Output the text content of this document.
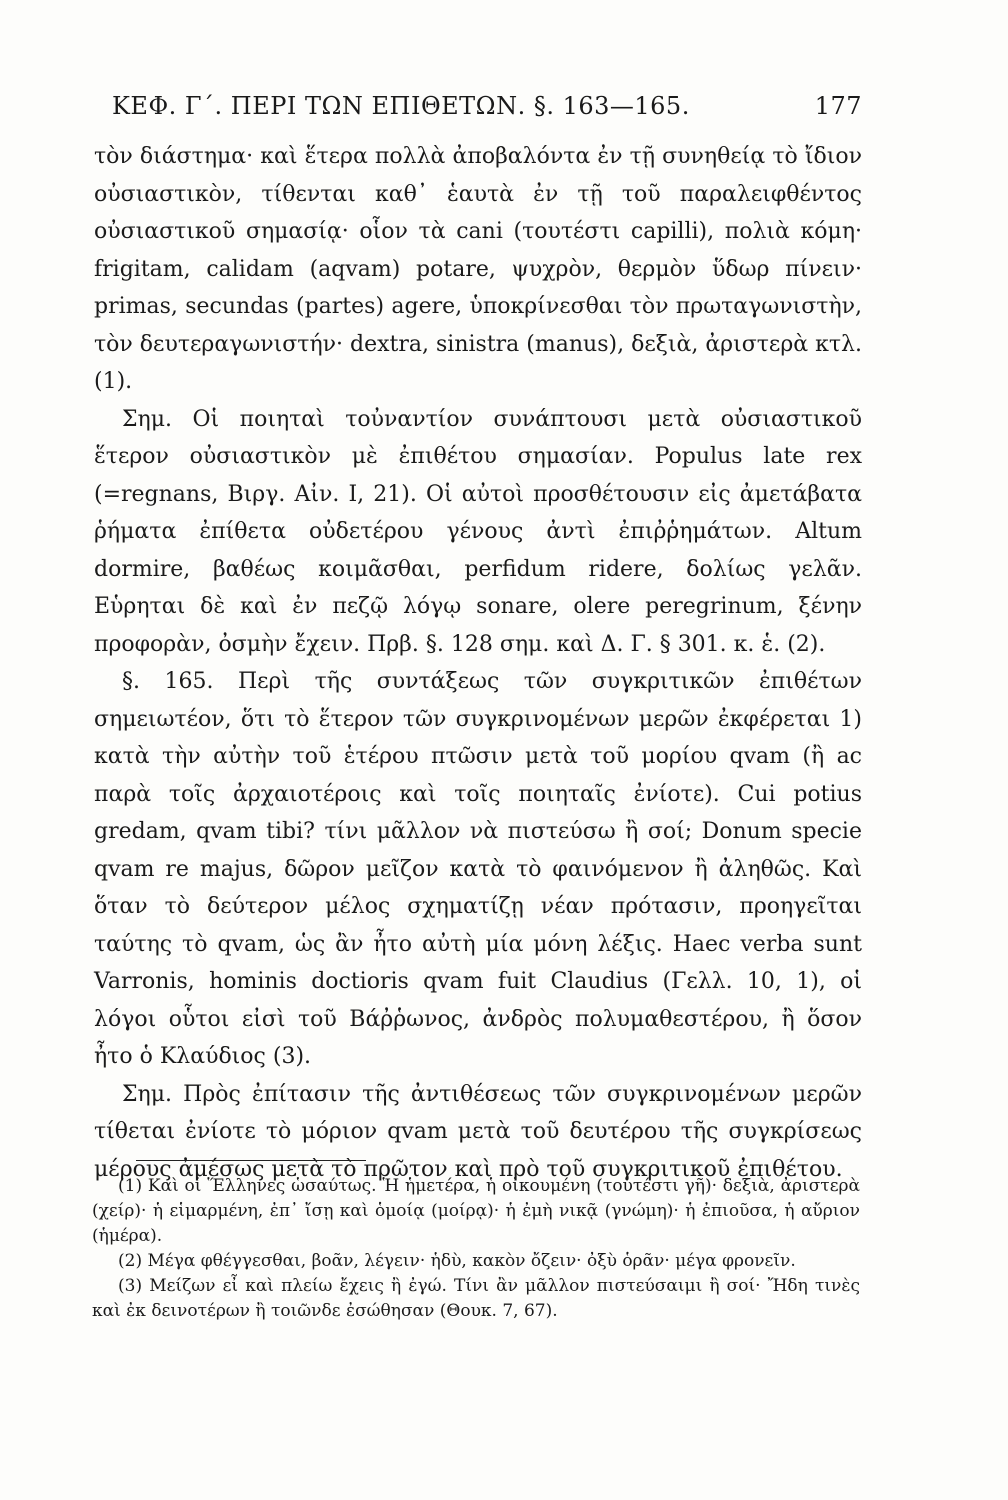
ΚΕΦ. Γ΄. ΠΕΡΙ ΤΩΝ ΕΠΙΘΕΤΩΝ. §. 163—165.	177

τὸν διάστημα· καὶ ἕτερα πολλὰ ἀποβαλόντα ἐν τῇ συνηθείᾳ τὸ ἴδιον οὐσιαστικὸν, τίθενται καθ᾽ ἑαυτὰ ἐν τῇ τοῦ παραλειφθέντος οὐσιαστικοῦ σημασίᾳ· οἷον τὰ cani (τουτέστι capilli), πολιὰ κόμη· frigitam, calidam (aqvam) potare, ψυχρὸν, θερμὸν ὕδωρ πίνειν· primas, secundas (partes) agere, ὑποκρίνεσθαι τὸν πρωταγωνιστὴν, τὸν δευτεραγωνιστήν· dextra, sinistra (manus), δεξιὰ, ἀριστερὰ κτλ. (1).

Σημ. Οἱ ποιηταὶ τοὐναντίον συνάπτουσι μετὰ οὐσιαστικοῦ ἕτερον οὐσιαστικὸν μὲ ἐπιθέτου σημασίαν. Populus late rex (=regnans, Βιργ. Αἰν. I, 21). Οἱ αὐτοὶ προσθέτουσιν εἰς ἀμετάβατα ῥήματα ἐπίθετα οὐδετέρου γένους ἀντὶ ἐπιῤῥημάτων. Altum dormire, βαθέως κοιμᾶσθαι, perfidum ridere, δολίως γελᾶν. Εὑρηται δὲ καὶ ἐν πεζῷ λόγῳ sonare, olere peregrinum, ξένην προφορὰν, ὀσμὴν ἔχειν. Πρβ. §. 128 σημ. καὶ Δ. Γ. § 301. κ. ἑ. (2).

§. 165. Περὶ τῆς συντάξεως τῶν συγκριτικῶν ἐπιθέτων σημειωτέον, ὅτι τὸ ἕτερον τῶν συγκρινομένων μερῶν ἐκφέρεται 1) κατὰ τὴν αὐτὴν τοῦ ἑτέρου πτῶσιν μετὰ τοῦ μορίου qvam (ἢ ac παρὰ τοῖς ἀρχαιοτέροις καὶ τοῖς ποιηταῖς ἐνίοτε). Cui potius gredam, qvam tibi? τίνι μᾶλλον νὰ πιστεύσω ἢ σοί; Donum specie qvam re majus, δῶρον μεῖζον κατὰ τὸ φαινόμενον ἢ ἀληθῶς. Καὶ ὅταν τὸ δεύτερον μέλος σχηματίζῃ νέαν πρότασιν, προηγεῖται ταύτης τὸ qvam, ὡς ἂν ἦτο αὐτὴ μία μόνη λέξις. Haec verba sunt Varronis, hominis doctioris qvam fuit Claudius (Γελλ. 10, 1), οἱ λόγοι οὗτοι εἰσὶ τοῦ Βάῤῥωνος, ἀνδρὸς πολυμαθεστέρου, ἢ ὅσον ἦτο ὁ Κλαύδιος (3).

Σημ. Πρὸς ἐπίτασιν τῆς ἀντιθέσεως τῶν συγκρινομένων μερῶν τίθεται ἐνίοτε τὸ μόριον qvam μετὰ τοῦ δευτέρου τῆς συγκρίσεως μέρους ἀμέσως μετὰ τὸ πρῶτον καὶ πρὸ τοῦ συγκριτικοῦ ἐπιθέτου.

(1) Καὶ οἱ Ἕλληνες ὡσαύτως. Ἡ ἡμετέρα, ἡ οἰκουμένη (τουτέστι γῆ)· δεξιὰ, ἀριστερὰ (χείρ)· ἡ εἱμαρμένη, ἐπ᾽ ἴσῃ καὶ ὁμοίᾳ (μοίρᾳ)· ἡ ἐμὴ νικᾷ (γνώμη)· ἡ ἐπιοῦσα, ἡ αὔριον (ἡμέρα).

(2) Μέγα φθέγγεσθαι, βοᾶν, λέγειν· ἡδὺ, κακὸν ὄζειν· ὀξὺ ὁρᾶν· μέγα φρονεῖν.

(3) Μείζων εἶ καὶ πλείω ἔχεις ἢ ἐγώ. Τίνι ἂν μᾶλλον πιστεύσαιμι ἢ σοί· Ἤδη τινὲς καὶ ἐκ δεινοτέρων ἢ τοιῶνδε ἐσώθησαν (Θουκ. 7, 67).
